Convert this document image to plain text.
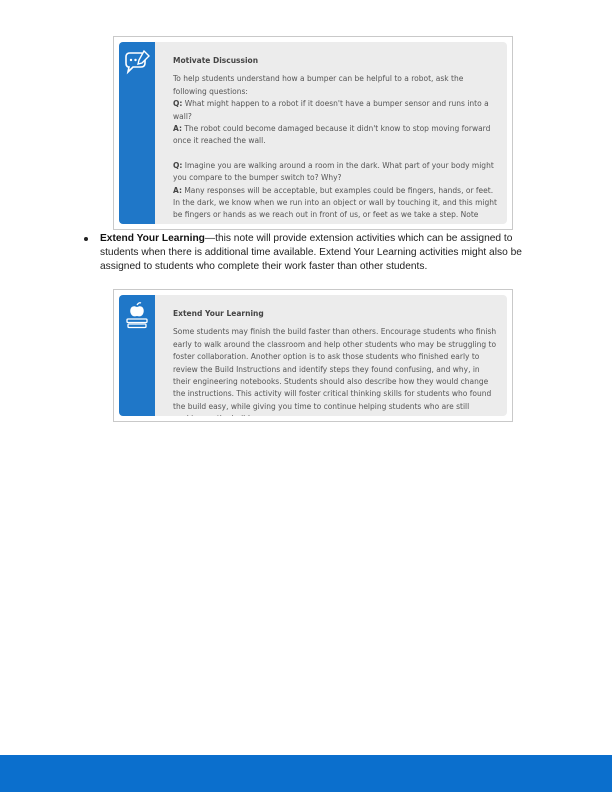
Motivate Discussion

To help students understand how a bumper can be helpful to a robot, ask the following questions:

Q: What might happen to a robot if it doesn't have a bumper sensor and runs into a wall?

A: The robot could become damaged because it didn't know to stop moving forward once it reached the wall.

Q: Imagine you are walking around a room in the dark. What part of your body might you compare to the bumper switch to? Why?

A: Many responses will be acceptable, but examples could be fingers, hands, or feet. In the dark, we know when we run into an object or wall by touching it, and this might be fingers or hands as we reach out in front of us, or feet as we take a step. Note

Extend Your Learning—this note will provide extension activities which can be assigned to students when there is additional time available. Extend Your Learning activities might also be assigned to students who complete their work faster than other students.
Extend Your Learning

Some students may finish the build faster than others. Encourage students who finish early to walk around the classroom and help other students who may be struggling to foster collaboration. Another option is to ask those students who finished early to review the Build Instructions and identify steps they found confusing, and why, in their engineering notebooks. Students should also describe how they would change the instructions. This activity will foster critical thinking skills for students who found the build easy, while giving you time to continue helping students who are still
